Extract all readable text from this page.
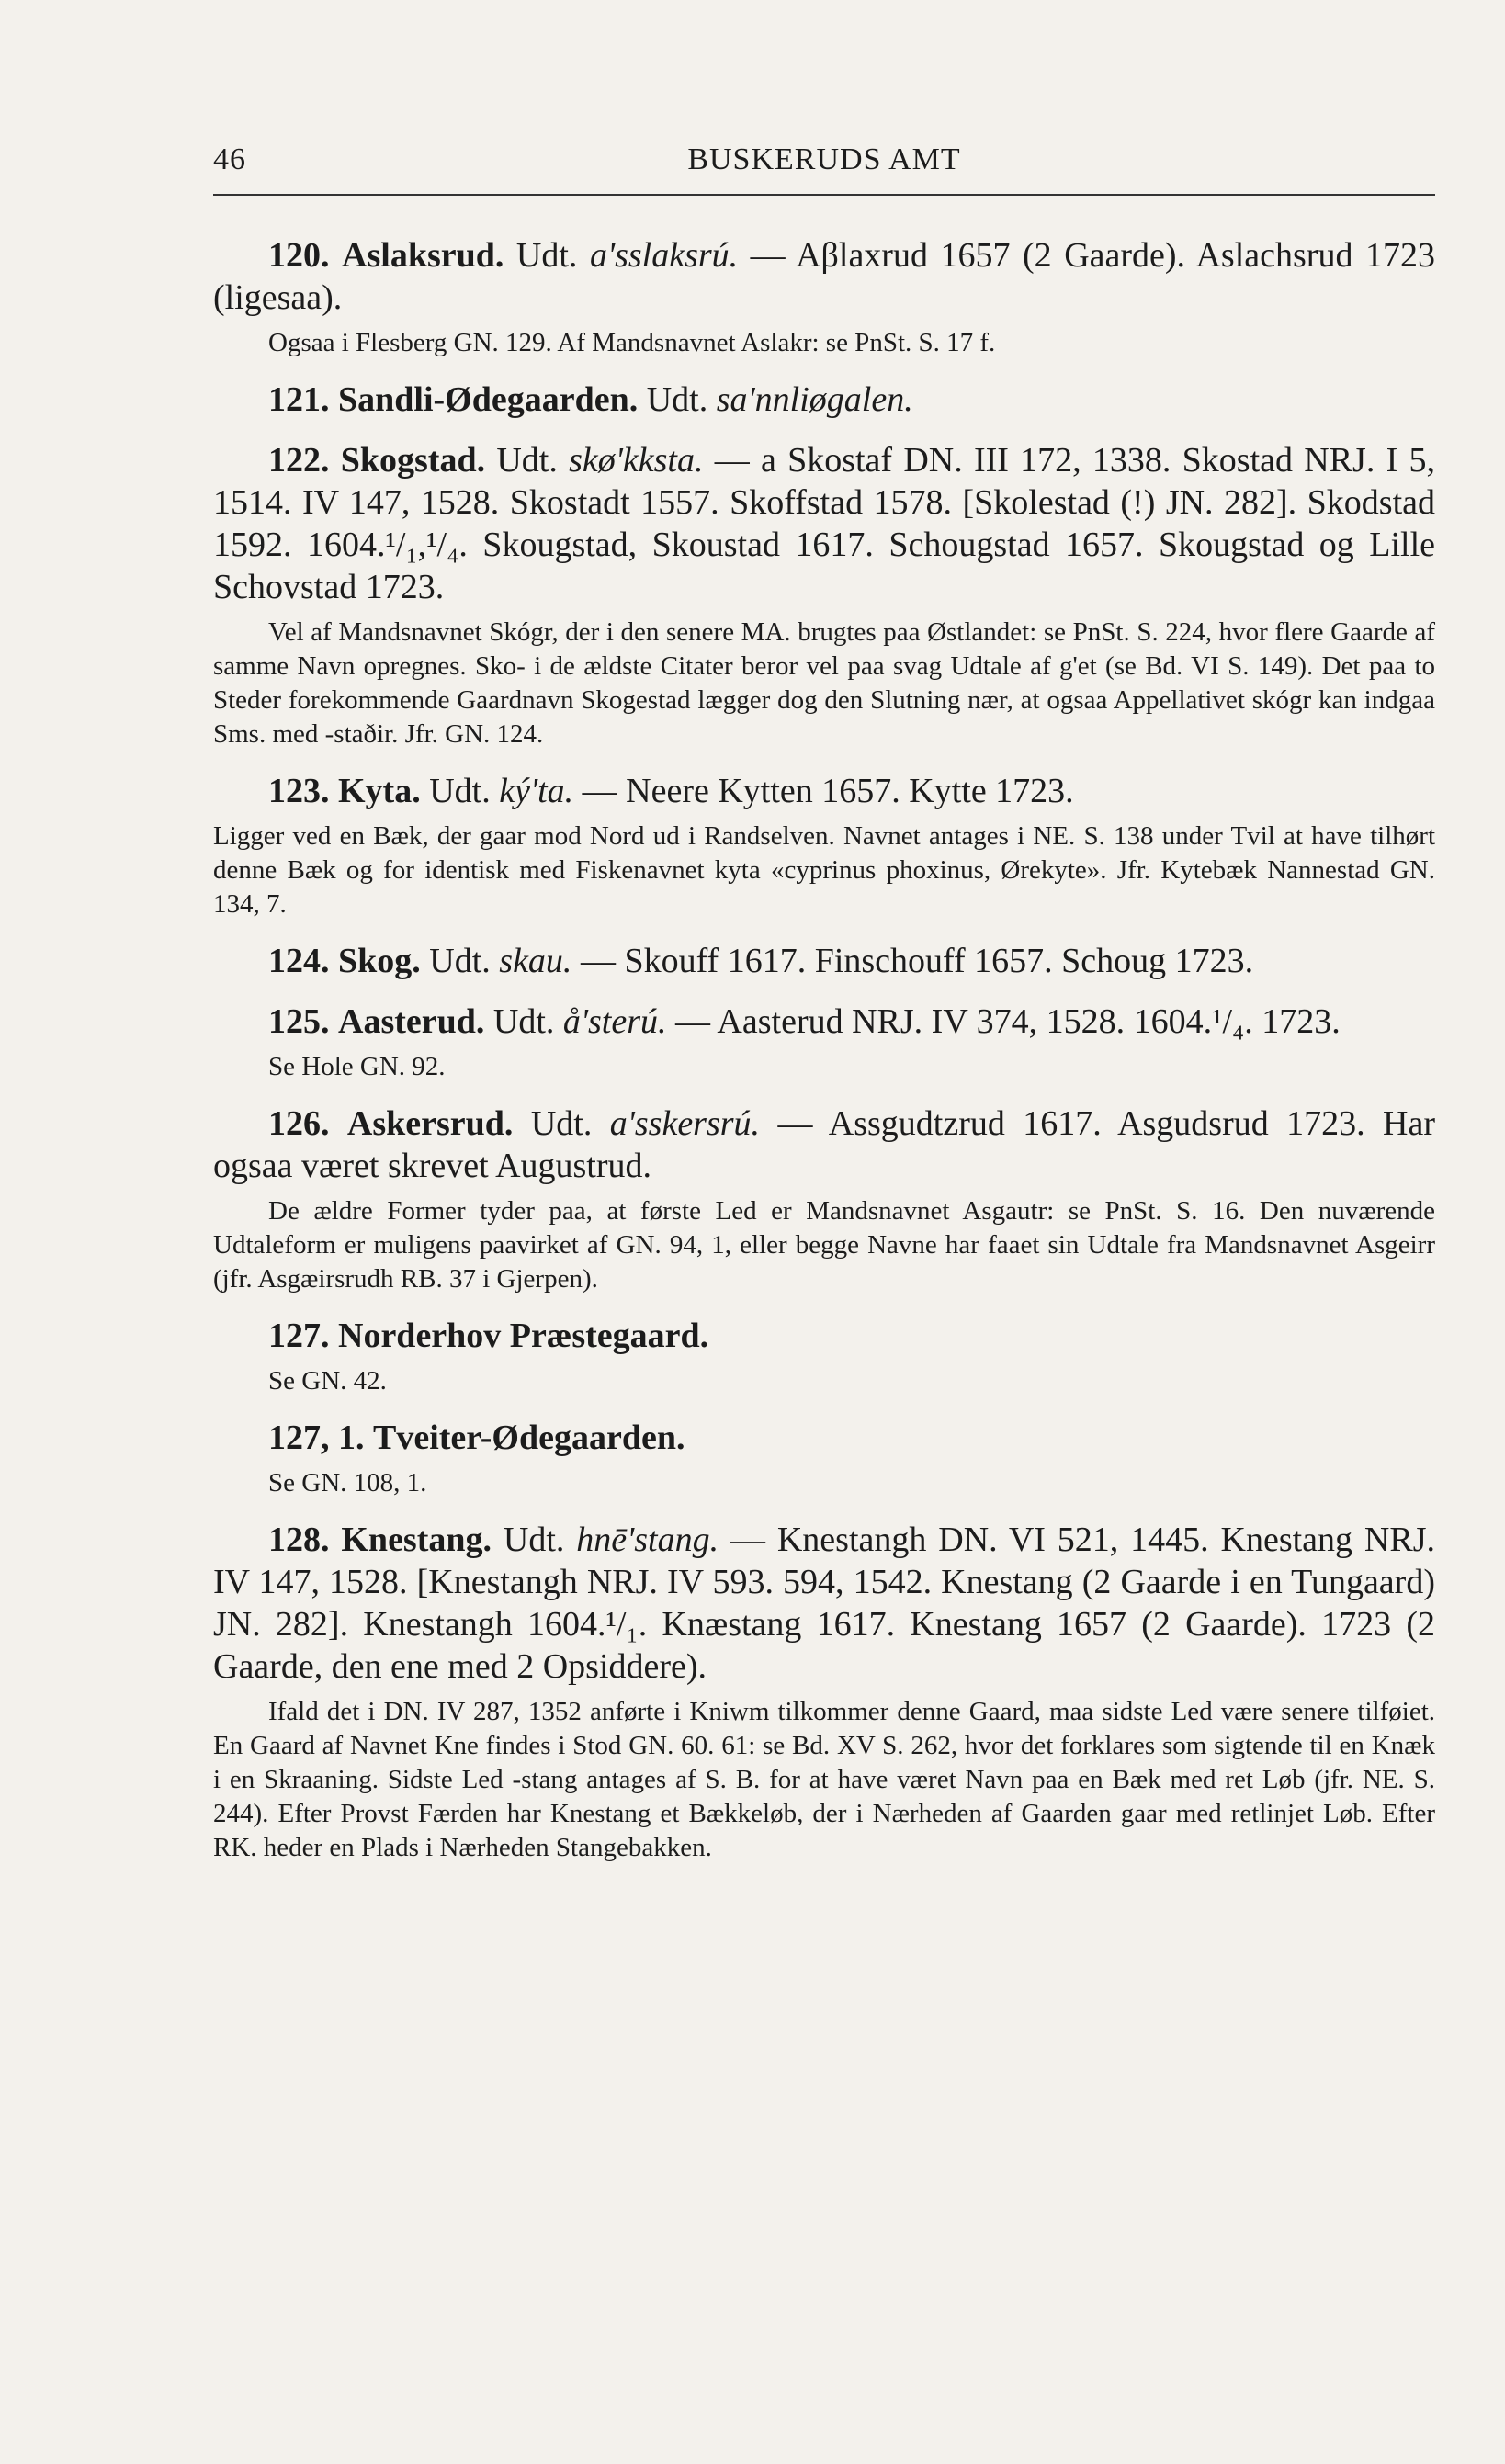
46	BUSKERUDS AMT

120. Aslaksrud. Udt. a'sslaksrú. — Aβlaxrud 1657 (2 Gaarde). Aslachsrud 1723 (ligesaa).

Ogsaa i Flesberg GN. 129. Af Mandsnavnet Aslakr: se PnSt. S. 17 f.

121. Sandli-Ødegaarden. Udt. sa'nnliøgalen.

122. Skogstad. Udt. skø'kksta. — a Skostaf DN. III 172, 1338. Skostad NRJ. I 5, 1514. IV 147, 1528. Skostadt 1557. Skoffstad 1578. [Skolestad (!) JN. 282]. Skodstad 1592. 1604.¹/₁,¹/₄. Skougstad, Skoustad 1617. Schougstad 1657. Skougstad og Lille Schovstad 1723.

Vel af Mandsnavnet Skógr, der i den senere MA. brugtes paa Østlandet: se PnSt. S. 224, hvor flere Gaarde af samme Navn opregnes. Sko- i de ældste Citater beror vel paa svag Udtale af g'et (se Bd. VI S. 149). Det paa to Steder forekommende Gaardnavn Skogestad lægger dog den Slutning nær, at ogsaa Appellativet skógr kan indgaa Sms. med -staðir. Jfr. GN. 124.

123. Kyta. Udt. ký'ta. — Neere Kytten 1657. Kytte 1723.

Ligger ved en Bæk, der gaar mod Nord ud i Randselven. Navnet antages i NE. S. 138 under Tvil at have tilhørt denne Bæk og for identisk med Fiskenavnet kyta «cyprinus phoxinus, Ørekyte». Jfr. Kytebæk Nannestad GN. 134, 7.

124. Skog. Udt. skau. — Skouff 1617. Finschouff 1657. Schoug 1723.

125. Aasterud. Udt. å'sterú. — Aasterud NRJ. IV 374, 1528. 1604.¹/₄. 1723.

Se Hole GN. 92.

126. Askersrud. Udt. a'sskersrú. — Assgudtzrud 1617. Asgudsrud 1723. Har ogsaa været skrevet Augustrud.

De ældre Former tyder paa, at første Led er Mandsnavnet Asgautr: se PnSt. S. 16. Den nuværende Udtaleform er muligens paavirket af GN. 94, 1, eller begge Navne har faaet sin Udtale fra Mandsnavnet Asgeirr (jfr. Asgæirsrudh RB. 37 i Gjerpen).

127. Norderhov Præstegaard.

Se GN. 42.

127, 1. Tveiter-Ødegaarden.

Se GN. 108, 1.

128. Knestang. Udt. hnē'stang. — Knestangh DN. VI 521, 1445. Knestang NRJ. IV 147, 1528. [Knestangh NRJ. IV 593. 594, 1542. Knestang (2 Gaarde i en Tungaard) JN. 282]. Knestangh 1604.¹/₁. Knæstang 1617. Knestang 1657 (2 Gaarde). 1723 (2 Gaarde, den ene med 2 Opsiddere).

Ifald det i DN. IV 287, 1352 anførte i Kniwm tilkommer denne Gaard, maa sidste Led være senere tilføiet. En Gaard af Navnet Kne findes i Stod GN. 60. 61: se Bd. XV S. 262, hvor det forklares som sigtende til en Knæk i en Skraaning. Sidste Led -stang antages af S. B. for at have været Navn paa en Bæk med ret Løb (jfr. NE. S. 244). Efter Provst Færden har Knestang et Bækkeløb, der i Nærheden af Gaarden gaar med retlinjet Løb. Efter RK. heder en Plads i Nærheden Stangebakken.
